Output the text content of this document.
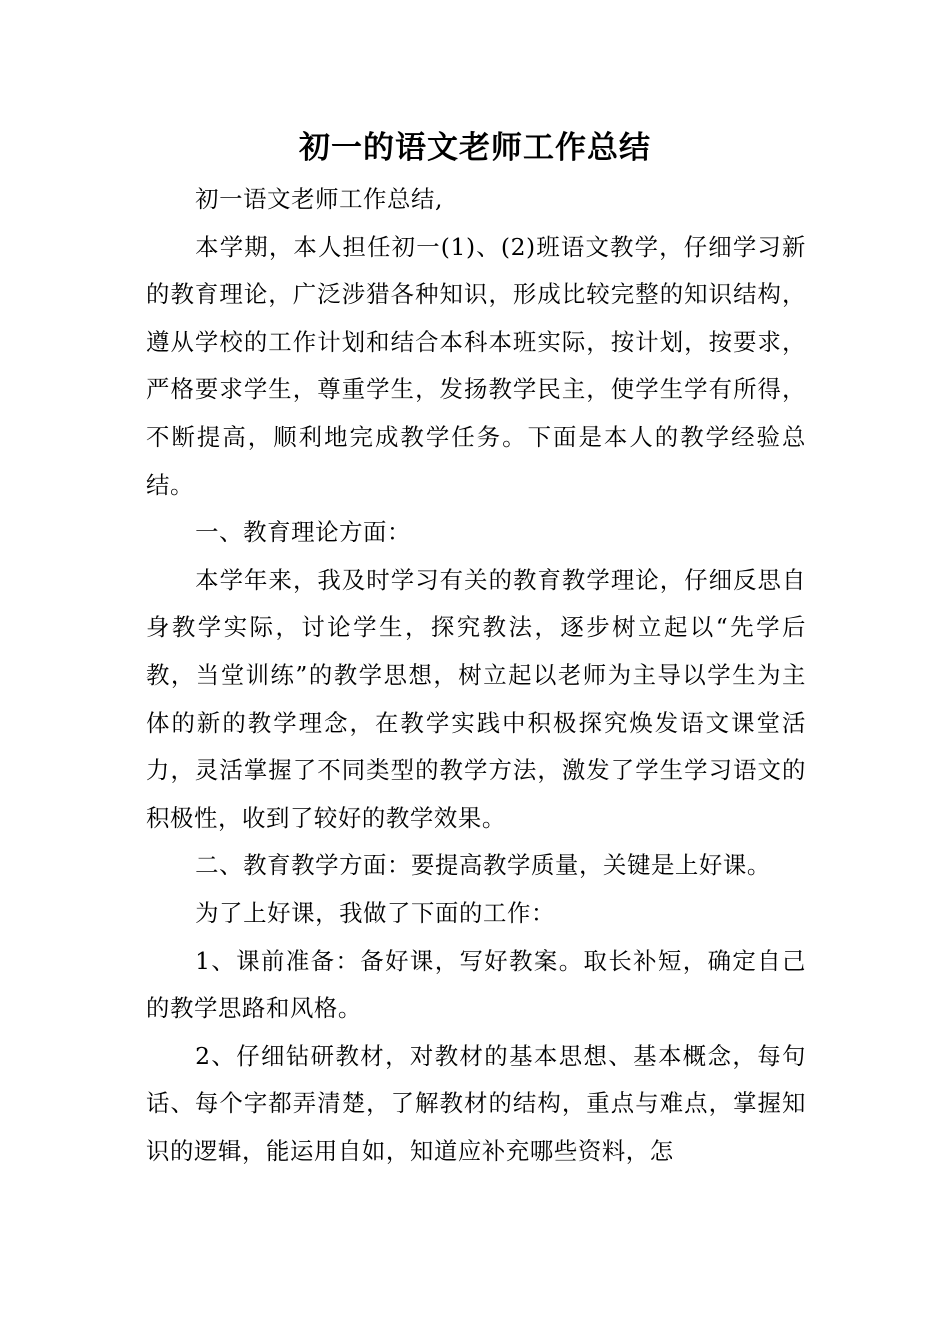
初一的语文老师工作总结

初一语文老师工作总结,

本学期，本人担任初一(1)、(2)班语文教学，仔细学习新的教育理论，广泛涉猎各种知识，形成比较完整的知识结构，遵从学校的工作计划和结合本科本班实际，按计划，按要求，严格要求学生，尊重学生，发扬教学民主，使学生学有所得，不断提高，顺利地完成教学任务。下面是本人的教学经验总结。

一、教育理论方面：

本学年来，我及时学习有关的教育教学理论，仔细反思自身教学实际，讨论学生，探究教法，逐步树立起以“先学后教，当堂训练”的教学思想，树立起以老师为主导以学生为主体的新的教学理念，在教学实践中积极探究焕发语文课堂活力，灵活掌握了不同类型的教学方法，激发了学生学习语文的积极性，收到了较好的教学效果。

二、教育教学方面：要提高教学质量，关键是上好课。

为了上好课，我做了下面的工作：

1、课前准备：备好课，写好教案。取长补短，确定自己的教学思路和风格。

2、仔细钻研教材，对教材的基本思想、基本概念，每句话、每个字都弄清楚，了解教材的结构，重点与难点，掌握知识的逻辑，能运用自如，知道应补充哪些资料，怎
